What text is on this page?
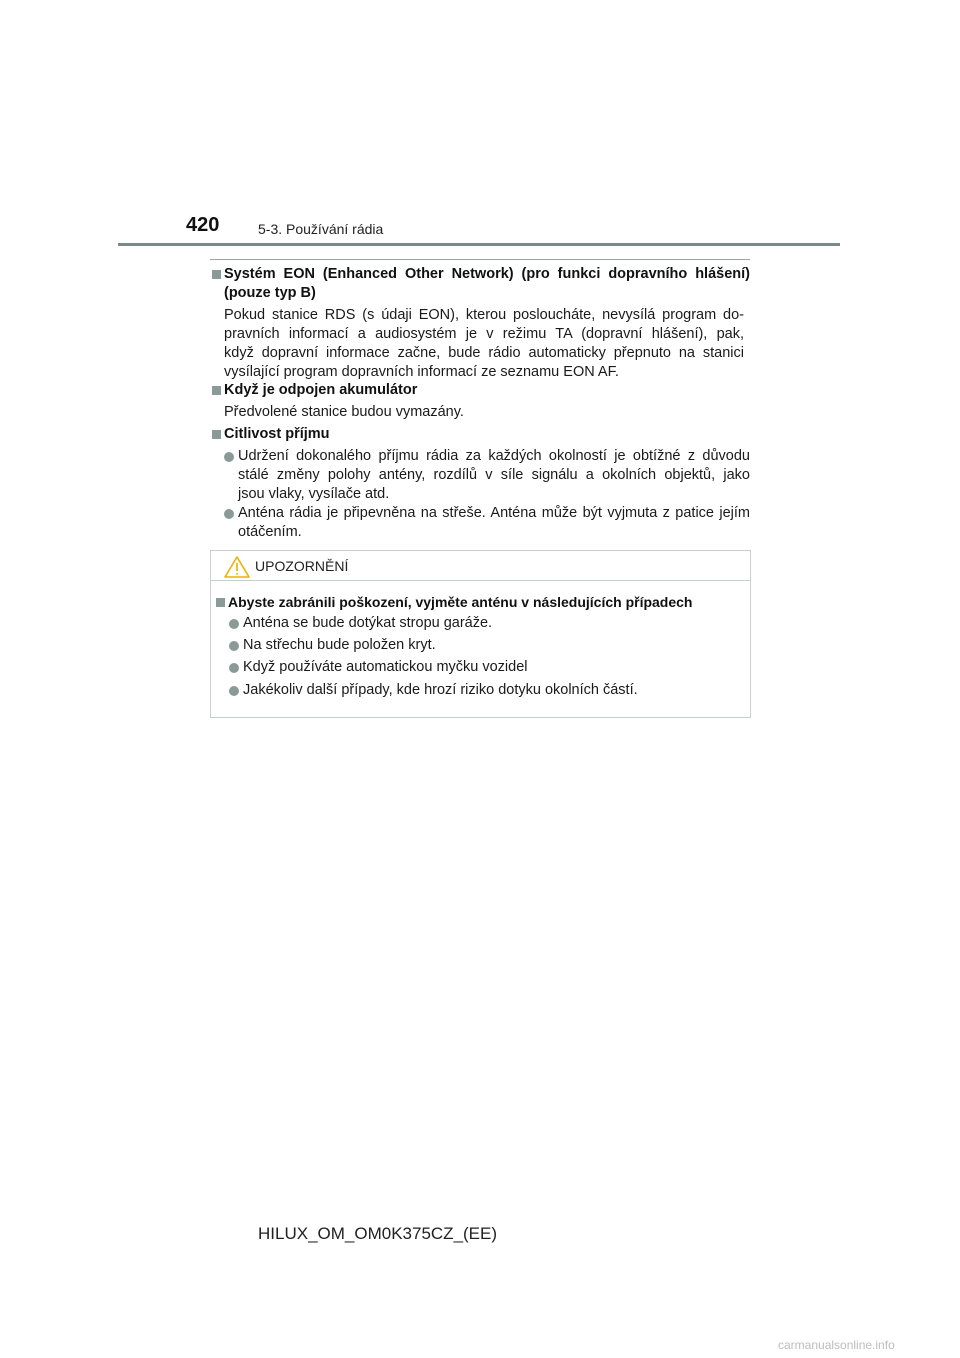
420	5-3. Používání rádia
Systém EON (Enhanced Other Network) (pro funkci dopravního hlášení)
(pouze typ B)
Pokud stanice RDS (s údaji EON), kterou posloucháte, nevysílá program do-
pravních informací a audiosystém je v režimu TA (dopravní hlášení), pak,
když dopravní informace začne, bude rádio automaticky přepnuto na stanici
vysílající program dopravních informací ze seznamu EON AF.
Když je odpojen akumulátor
Předvolené stanice budou vymazány.
Citlivost příjmu
Udržení dokonalého příjmu rádia za každých okolností je obtížné z důvodu
stálé změny polohy antény, rozdílů v síle signálu a okolních objektů, jako
jsou vlaky, vysílače atd.
Anténa rádia je připevněna na střeše. Anténa může být vyjmuta z patice jejím
otáčením.
UPOZORNĚNÍ
Abyste zabránili poškození, vyjměte anténu v následujících případech
Anténa se bude dotýkat stropu garáže.
Na střechu bude položen kryt.
Když používáte automatickou myčku vozidel
Jakékoliv další případy, kde hrozí riziko dotyku okolních částí.
HILUX_OM_OM0K375CZ_(EE)
carmanualsonline.info
